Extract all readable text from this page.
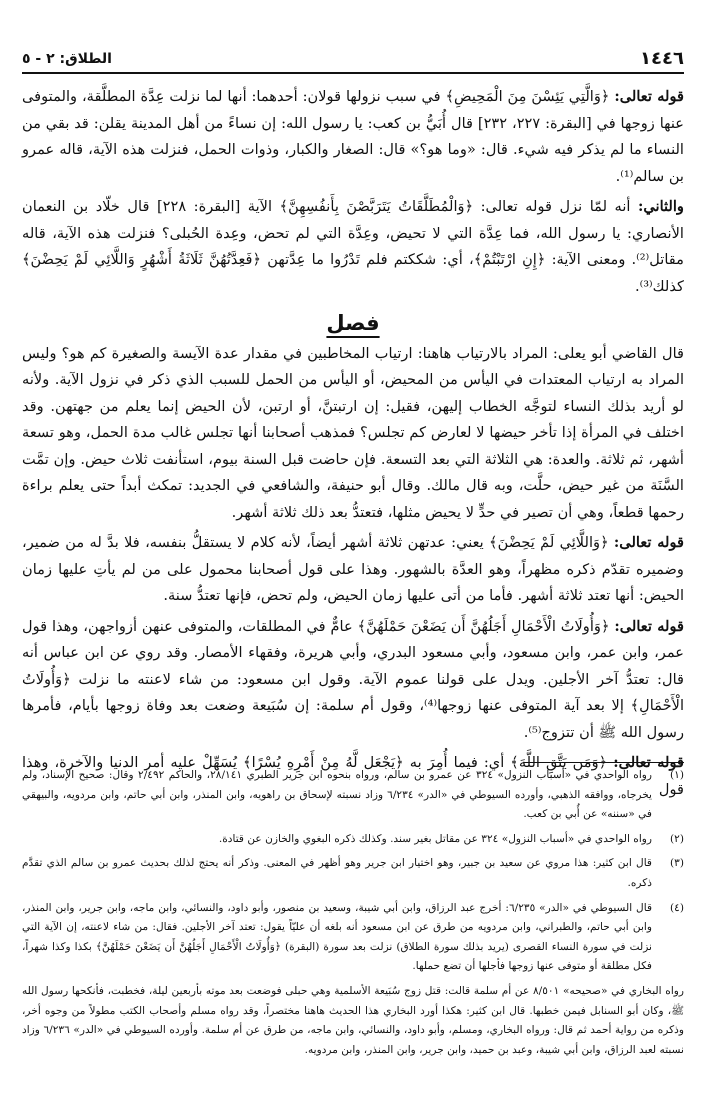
١٤٤٦
الطلاق: ٢ - ٥

قوله تعالى: ﴿وَالَّتِي يَئِسْنَ مِنَ الْمَحِيضِ﴾ في سبب نزولها قولان: أحدهما: أنها لما نزلت عِدَّة المطلَّقة، والمتوفى عنها زوجها في [البقرة: ٢٢٧، ٢٣٢] قال أُبَيُّ بن كعب: يا رسول الله: إن نساءً من أهل المدينة يقلن: قد بقي من النساء ما لم يذكر فيه شيء. قال: «وما هو؟» قال: الصغار والكبار، وذوات الحمل، فنزلت هذه الآية، قاله عمرو بن سالم⁽¹⁾.

والثاني: أنه لمّا نزل قوله تعالى: ﴿وَالْمُطَلَّقَاتُ يَتَرَبَّصْنَ بِأَنفُسِهِنَّ﴾ الآية [البقرة: ٢٢٨] قال خلّاد بن النعمان الأنصاري: يا رسول الله، فما عِدَّة التي لا تحيض، وعِدَّة التي لم تحض، وعِدة الحُبلى؟ فنزلت هذه الآية، قاله مقاتل⁽²⁾. ومعنى الآية: ﴿إِنِ ارْتَبْتُمْ﴾، أي: شككتم فلم تَدْرُوا ما عِدَّتهن ﴿فَعِدَّتُهُنَّ ثَلَاثَةُ أَشْهُرٍ وَاللَّائِي لَمْ يَحِضْنَ﴾ كذلك⁽³⁾.

فصل

قال القاضي أبو يعلى: المراد بالارتياب هاهنا: ارتياب المخاطبين في مقدار عدة الآيسة والصغيرة كم هو؟ وليس المراد به ارتياب المعتدات في اليأس من المحيض، أو اليأس من الحمل للسبب الذي ذكر في نزول الآية. ولأنه لو أريد بذلك النساء لتوجَّه الخطاب إليهن، فقيل: إن ارتبتنَّ، أو ارتبن، لأن الحيض إنما يعلم من جهتهن. وقد اختلف في المرأة إذا تأخر حيضها لا لعارض كم تجلس؟ فمذهب أصحابنا أنها تجلس غالب مدة الحمل، وهو تسعة أشهر، ثم ثلاثة. والعدة: هي الثلاثة التي بعد التسعة. فإن حاضت قبل السنة بيوم، استأنفت ثلاث حيض. وإن تمَّت السَّنَة من غير حيض، حلَّت، وبه قال مالك. وقال أبو حنيفة، والشافعي في الجديد: تمكث أبداً حتى يعلم براءة رحمها قطعاً، وهي أن تصير في حدٍّ لا يحيض مثلها، فتعتدُّ بعد ذلك ثلاثة أشهر.

قوله تعالى: ﴿وَاللَّائِي لَمْ يَحِضْنَ﴾ يعني: عدتهن ثلاثة أشهر أيضاً، لأنه كلام لا يستقلُّ بنفسه، فلا بدَّ له من ضمير، وضميره تقدّم ذكره مظهراً، وهو العدَّة بالشهور. وهذا على قول أصحابنا محمول على من لم يأتِ عليها زمان الحيض: أنها تعتد ثلاثة أشهر. فأما من أتى عليها زمان الحيض، ولم تحض، فإنها تعتدُّ سنة.

قوله تعالى: ﴿وَأُولَاتُ الْأَحْمَالِ أَجَلُهُنَّ أَن يَضَعْنَ حَمْلَهُنَّ﴾ عامٌّ في المطلقات، والمتوفى عنهن أزواجهن، وهذا قول عمر، وابن عمر، وابن مسعود، وأبي مسعود البدري، وأبي هريرة، وفقهاء الأمصار. وقد روي عن ابن عباس أنه قال: تعتدُّ آخر الأجلين. ويدل على قولنا عموم الآية. وقول ابن مسعود: من شاء لاعنته ما نزلت ﴿وَأُولَاتُ الْأَحْمَالِ﴾ إلا بعد آية المتوفى عنها زوجها⁽⁴⁾، وقول أم سلمة: إن سُبَيعة وضعت بعد وفاة زوجها بأيام، فأمرها رسول الله ﷺ أن تتزوج⁽⁵⁾.

قوله تعالى: ﴿وَمَن يَتَّقِ اللَّهَ﴾ أي: فيما أُمِرَ به ﴿يَجْعَل لَّهُ مِنْ أَمْرِهِ يُسْرًا﴾ يُسَهِّلْ عليه أمر الدنيا والآخرة، وهذا قول

(١)
رواه الواحدي في «أسباب النزول» ٣٢٤ عن عمرو بن سالم، ورواه بنحوه ابن جرير الطبري ٢٨/١٤١، والحاكم ٢/٤٩٢ وقال: صحيح الإسناد، ولم يخرجاه، ووافقه الذهبي، وأورده السيوطي في «الدر» ٦/٢٣٤ وزاد نسبته لإسحاق بن راهويه، وابن المنذر، وابن أبي حاتم، وابن مردويه، والبيهقي في «سننه» عن أُبي بن كعب.
(٢)
رواه الواحدي في «أسباب النزول» ٣٢٤ عن مقاتل بغير سند. وكذلك ذكره البغوي والخازن عن قتادة.
(٣)
قال ابن كثير: هذا مروي عن سعيد بن جبير، وهو اختيار ابن جرير وهو أظهر في المعنى. وذكر أنه يحتج لذلك بحديث عمرو بن سالم الذي تقدَّم ذكره.
(٤)
قال السيوطي في «الدر» ٦/٢٣٥: أخرج عبد الرزاق، وابن أبي شيبة، وسعيد بن منصور، وأبو داود، والنسائي، وابن ماجه، وابن جرير، وابن المنذر، وابن أبي حاتم، والطبراني، وابن مردويه من طرق عن ابن مسعود أنه بلغه أن عليّاً يقول: تعتد آخر الأجلين. فقال: من شاء لاعنته، إن الآية التي نزلت في سورة النساء القصرى (يريد بذلك سورة الطلاق) نزلت بعد سورة (البقرة) ﴿وَأُولَاتُ الْأَحْمَالِ أَجَلُهُنَّ أَن يَضَعْنَ حَمْلَهُنَّ﴾ بكذا وكذا شهراً، فكل مطلقة أو متوفى عنها زوجها فأجلها أن تضع حملها.
رواه البخاري في «صحيحه» ٨/٥٠١ عن أم سلمة قالت: قتل زوج سُبَيعة الأسلمية وهي حبلى فوضعت بعد موته بأربعين ليلة، فخطبت، فأنكحها رسول الله ﷺ، وكان أبو السنابل فيمن خطبها. قال ابن كثير: هكذا أورد البخاري هذا الحديث هاهنا مختصراً، وقد رواه مسلم وأصحاب الكتب مطولاً من وجوه أخر، وذكره من رواية أحمد ثم قال: ورواه البخاري، ومسلم، وأبو داود، والنسائي، وابن ماجه، من طرق عن أم سلمة. وأورده السيوطي في «الدر» ٦/٢٣٦ وزاد نسبته لعبد الرزاق، وابن أبي شيبة، وعبد بن حميد، وابن جرير، وابن المنذر، وابن مردويه.
